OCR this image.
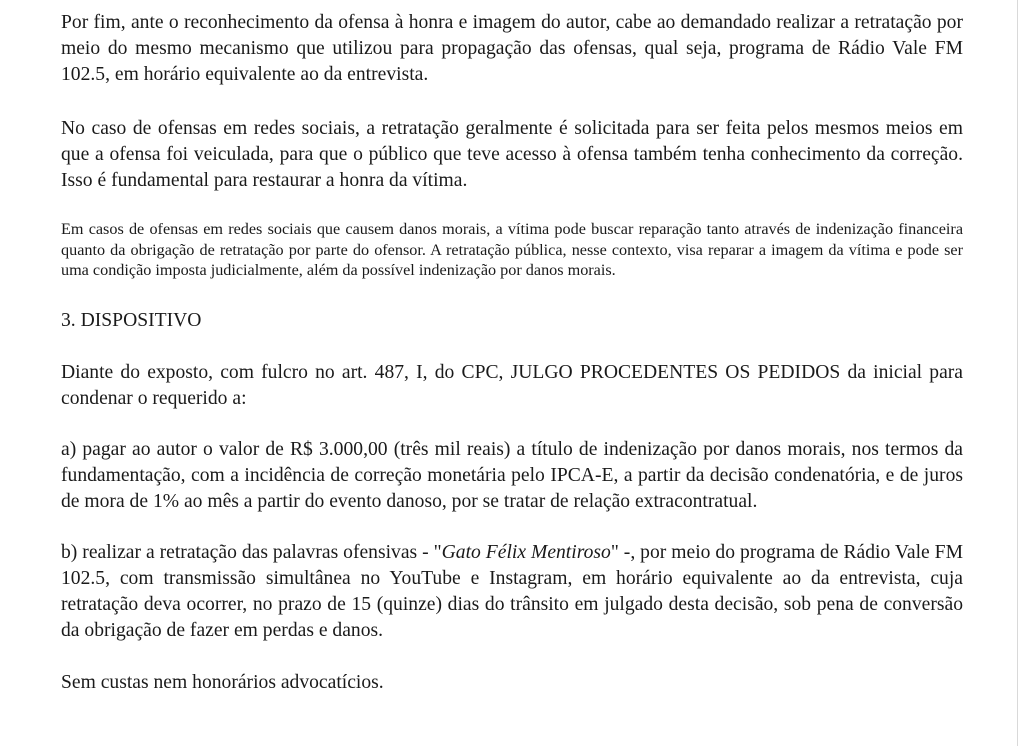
Por fim, ante o reconhecimento da ofensa à honra e imagem do autor, cabe ao demandado realizar a retratação por meio do mesmo mecanismo que utilizou para propagação das ofensas, qual seja, programa de Rádio Vale FM 102.5, em horário equivalente ao da entrevista.

No caso de ofensas em redes sociais, a retratação geralmente é solicitada para ser feita pelos mesmos meios em que a ofensa foi veiculada, para que o público que teve acesso à ofensa também tenha conhecimento da correção. Isso é fundamental para restaurar a honra da vítima.

Em casos de ofensas em redes sociais que causem danos morais, a vítima pode buscar reparação tanto através de indenização financeira quanto da obrigação de retratação por parte do ofensor. A retratação pública, nesse contexto, visa reparar a imagem da vítima e pode ser uma condição imposta judicialmente, além da possível indenização por danos morais.

3. DISPOSITIVO

Diante do exposto, com fulcro no art. 487, I, do CPC, JULGO PROCEDENTES OS PEDIDOS da inicial para condenar o requerido a:

a) pagar ao autor o valor de R$ 3.000,00 (três mil reais) a título de indenização por danos morais, nos termos da fundamentação, com a incidência de correção monetária pelo IPCA-E, a partir da decisão condenatória, e de juros de mora de 1% ao mês a partir do evento danoso, por se tratar de relação extracontratual.

b) realizar a retratação das palavras ofensivas - "Gato Félix Mentiroso" -, por meio do programa de Rádio Vale FM 102.5, com transmissão simultânea no YouTube e Instagram, em horário equivalente ao da entrevista, cuja retratação deva ocorrer, no prazo de 15 (quinze) dias do trânsito em julgado desta decisão, sob pena de conversão da obrigação de fazer em perdas e danos.

Sem custas nem honorários advocatícios.
